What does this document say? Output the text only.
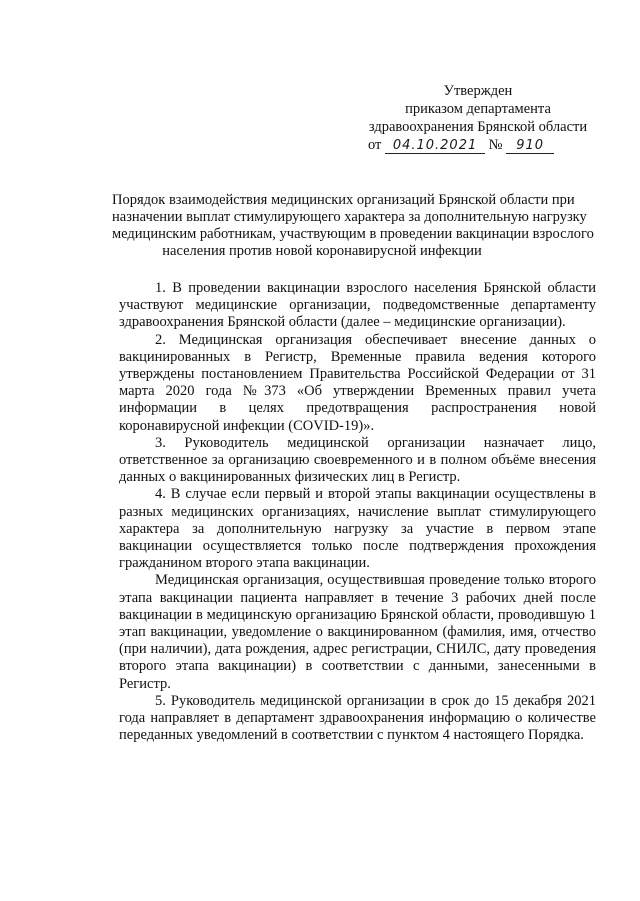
Утвержден
приказом департамента
здравоохранения Брянской области
от 04.10.2021 № 910
Порядок взаимодействия медицинских организаций Брянской области при
назначении выплат стимулирующего характера за дополнительную нагрузку
медицинским работникам, участвующим в проведении вакцинации взрослого
населения против новой коронавирусной инфекции

1. В проведении вакцинации взрослого населения Брянской области участвуют медицинские организации, подведомственные департаменту здравоохранения Брянской области (далее – медицинские организации).

2. Медицинская организация обеспечивает внесение данных о вакцинированных в Регистр, Временные правила ведения которого утверждены постановлением Правительства Российской Федерации от 31 марта 2020 года №373 «Об утверждении Временных правил учета информации в целях предотвращения распространения новой коронавирусной инфекции (COVID-19)».

3. Руководитель медицинской организации назначает лицо, ответственное за организацию своевременного и в полном объёме внесения данных о вакцинированных физических лиц в Регистр.

4. В случае если первый и второй этапы вакцинации осуществлены в разных медицинских организациях, начисление выплат стимулирующего характера за дополнительную нагрузку за участие в первом этапе вакцинации осуществляется только после подтверждения прохождения гражданином второго этапа вакцинации.

Медицинская организация, осуществившая проведение только второго этапа вакцинации пациента направляет в течение 3 рабочих дней после вакцинации в медицинскую организацию Брянской области, проводившую 1 этап вакцинации, уведомление о вакцинированном (фамилия, имя, отчество (при наличии), дата рождения, адрес регистрации, СНИЛС, дату проведения второго этапа вакцинации) в соответствии с данными, занесенными в Регистр.

5. Руководитель медицинской организации в срок до 15 декабря 2021 года направляет в департамент здравоохранения информацию о количестве переданных уведомлений в соответствии с пунктом 4 настоящего Порядка.
